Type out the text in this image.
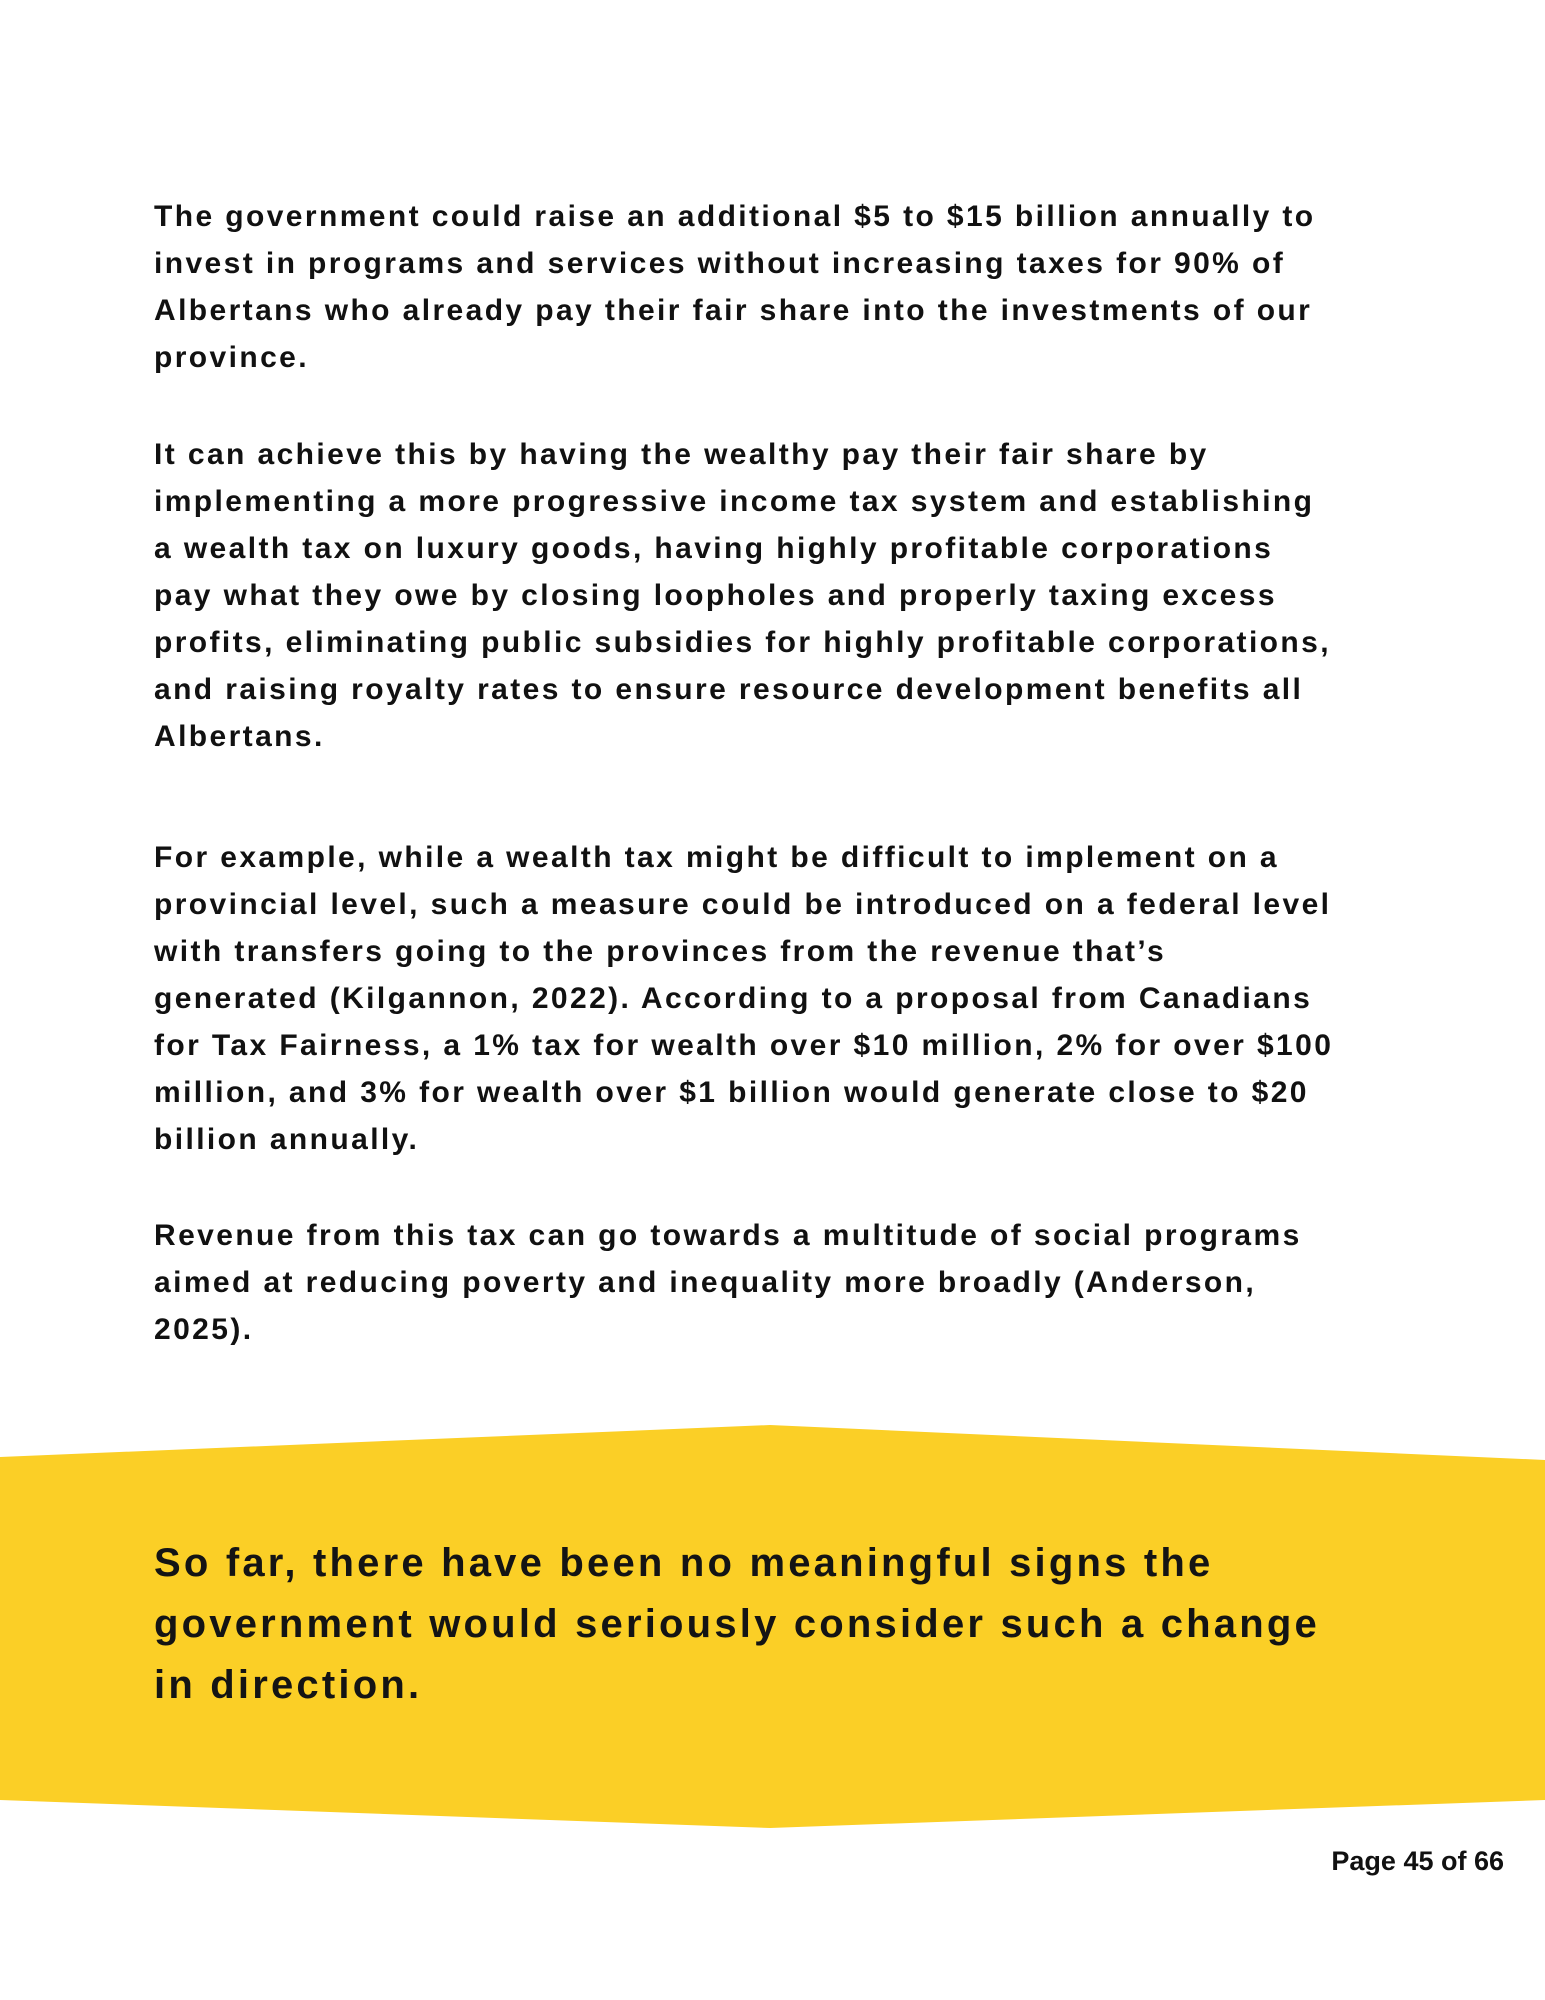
The government could raise an additional $5 to $15 billion annually to invest in programs and services without increasing taxes for 90% of Albertans who already pay their fair share into the investments of our province.

It can achieve this by having the wealthy pay their fair share by implementing a more progressive income tax system and establishing a wealth tax on luxury goods, having highly profitable corporations pay what they owe by closing loopholes and properly taxing excess profits, eliminating public subsidies for highly profitable corporations, and raising royalty rates to ensure resource development benefits all Albertans.

For example, while a wealth tax might be difficult to implement on a provincial level, such a measure could be introduced on a federal level with transfers going to the provinces from the revenue that’s generated (Kilgannon, 2022). According to a proposal from Canadians for Tax Fairness, a 1% tax for wealth over $10 million, 2% for over $100 million, and 3% for wealth over $1 billion would generate close to $20 billion annually.

Revenue from this tax can go towards a multitude of social programs aimed at reducing poverty and inequality more broadly (Anderson, 2025).

So far, there have been no meaningful signs the government would seriously consider such a change in direction.

Page 45 of 66
